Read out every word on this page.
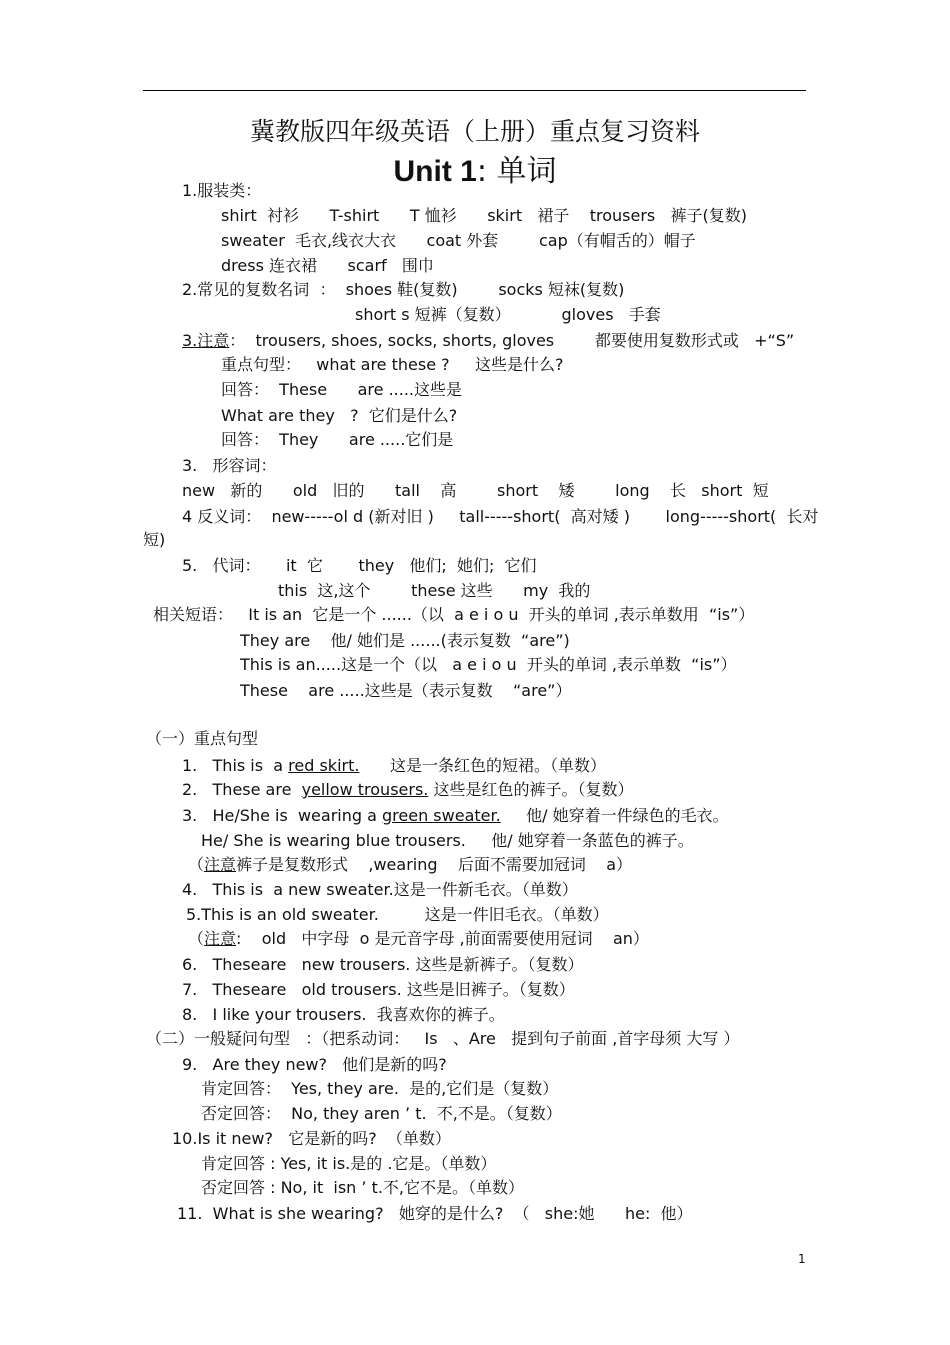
冀教版四年级英语（上册）重点复习资料
Unit 1: 单词
1.服装类：
shirt  衬衫      T-shirt      T 恤衫      skirt   裙子    trousers   裤子(复数)
sweater  毛衣,线衣大衣      coat 外套        cap（有帽舌的）帽子
dress 连衣裙      scarf   围巾
2.常见的复数名词  ：  shoes 鞋(复数)        socks 短袜(复数)
short s 短裤（复数）          gloves   手套
3.注意：  trousers, shoes, socks, shorts, gloves        都要使用复数形式或   +“S”
重点句型：   what are these ?     这些是什么?
回答：  These      are .....这些是
What are they   ?  它们是什么?
回答：  They      are .....它们是
3.   形容词：
new   新的      old   旧的      tall    高        short    矮        long    长   short  短
4 反义词：  new-----ol d (新对旧 )     tall-----short(  高对矮 )       long-----short(  长对
短)
5.   代词：     it  它       they   他们;  她们;  它们
this  这,这个        these 这些      my  我的
相关短语：   It is an  它是一个 ......（以  a e i o u  开头的单词 ,表示单数用  “is”）
They are    他/ 她们是 ......(表示复数  “are”)
This is an.....这是一个（以   a e i o u  开头的单词 ,表示单数  “is”）
These    are .....这些是（表示复数    “are”）
（一）重点句型
1.   This is  a red skirt.      这是一条红色的短裙。（单数）
2.   These are  yellow trousers. 这些是红色的裤子。（复数）
3.   He/She is  wearing a green sweater.     他/ 她穿着一件绿色的毛衣。
He/ She is wearing blue trousers.     他/ 她穿着一条蓝色的裤子。
（注意裤子是复数形式    ,wearing    后面不需要加冠词    a）
4.   This is  a new sweater.这是一件新毛衣。（单数）
5.This is an old sweater.         这是一件旧毛衣。（单数）
（注意:    old   中字母  o 是元音字母 ,前面需要使用冠词    an）
6.   Theseare   new trousers. 这些是新裤子。（复数）
7.   Theseare   old trousers. 这些是旧裤子。（复数）
8.   I like your trousers.  我喜欢你的裤子。
（二）一般疑问句型   ：（把系动词：   Is   、Are   提到句子前面 ,首字母须 大写 ）
9.   Are they new?   他们是新的吗?
肯定回答：  Yes, they are.  是的,它们是（复数）
否定回答：  No, they aren ’ t.  不,不是。（复数）
10.Is it new?   它是新的吗?  （单数）
肯定回答 : Yes, it is.是的 .它是。（单数）
否定回答 : No, it  isn ’ t.不,它不是。（单数）
11.  What is she wearing?   她穿的是什么?  （   she:她      he:  他）
1
